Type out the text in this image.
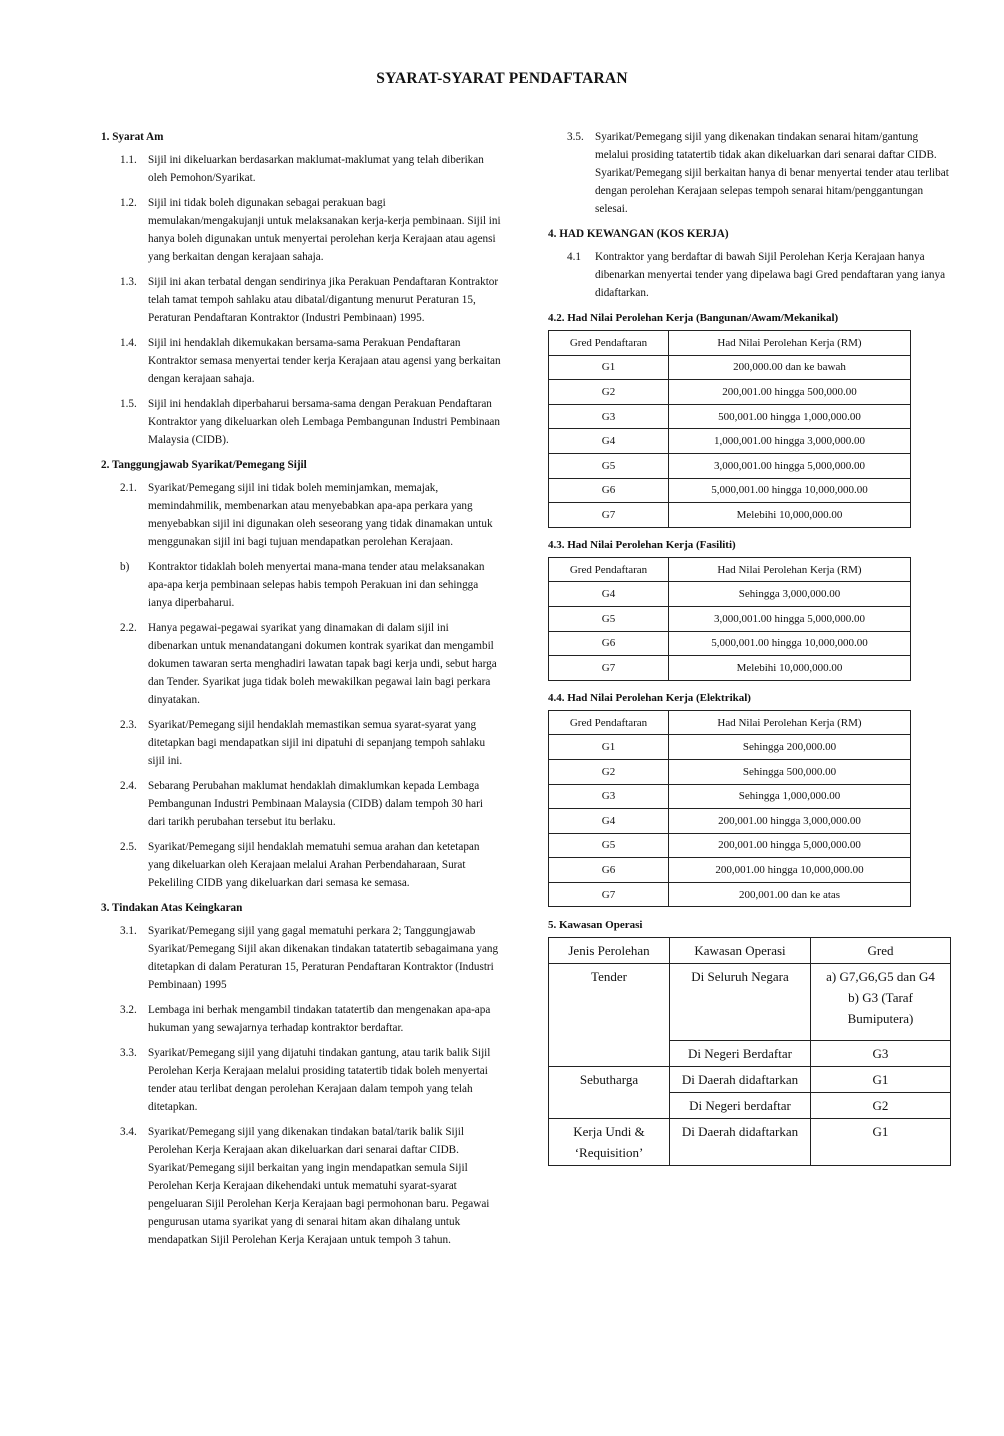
SYARAT-SYARAT PENDAFTARAN
1. Syarat Am
1.1.	Sijil ini dikeluarkan berdasarkan maklumat-maklumat yang telah diberikan oleh Pemohon/Syarikat.
1.2.	Sijil ini tidak boleh digunakan sebagai perakuan bagi memulakan/mengakujanji untuk melaksanakan kerja-kerja pembinaan. Sijil ini hanya boleh digunakan untuk menyertai perolehan kerja Kerajaan atau agensi yang berkaitan dengan kerajaan sahaja.
1.3.	Sijil ini akan terbatal dengan sendirinya jika Perakuan Pendaftaran Kontraktor telah tamat tempoh sahlaku atau dibatal/digantung menurut Peraturan 15, Peraturan Pendaftaran Kontraktor (Industri Pembinaan) 1995.
1.4.	Sijil ini hendaklah dikemukakan bersama-sama Perakuan Pendaftaran Kontraktor semasa menyertai tender kerja Kerajaan atau agensi yang berkaitan dengan kerajaan sahaja.
1.5.	Sijil ini hendaklah diperbaharui bersama-sama dengan Perakuan Pendaftaran Kontraktor yang dikeluarkan oleh Lembaga Pembangunan Industri Pembinaan Malaysia (CIDB).
2. Tanggungjawab Syarikat/Pemegang Sijil
2.1.	Syarikat/Pemegang sijil ini tidak boleh meminjamkan, memajak, memindahmilik, membenarkan atau menyebabkan apa-apa perkara yang menyebabkan sijil ini digunakan oleh seseorang yang tidak dinamakan untuk menggunakan sijil ini bagi tujuan mendapatkan perolehan Kerajaan.
b)	Kontraktor tidaklah boleh menyertai mana-mana tender atau melaksanakan apa-apa kerja pembinaan selepas habis tempoh Perakuan ini dan sehingga ianya diperbaharui.
2.2.	Hanya pegawai-pegawai syarikat yang dinamakan di dalam sijil ini dibenarkan untuk menandatangani dokumen kontrak syarikat dan mengambil dokumen tawaran serta menghadiri lawatan tapak bagi kerja undi, sebut harga dan Tender. Syarikat juga tidak boleh mewakilkan pegawai lain bagi perkara dinyatakan.
2.3.	Syarikat/Pemegang sijil hendaklah memastikan semua syarat-syarat yang ditetapkan bagi mendapatkan sijil ini dipatuhi di sepanjang tempoh sahlaku sijil ini.
2.4.	Sebarang Perubahan maklumat hendaklah dimaklumkan kepada Lembaga Pembangunan Industri Pembinaan Malaysia (CIDB) dalam tempoh 30 hari dari tarikh perubahan tersebut itu berlaku.
2.5.	Syarikat/Pemegang sijil hendaklah mematuhi semua arahan dan ketetapan yang dikeluarkan oleh Kerajaan melalui Arahan Perbendaharaan, Surat Pekeliling CIDB yang dikeluarkan dari semasa ke semasa.
3. Tindakan Atas Keingkaran
3.1.	Syarikat/Pemegang sijil yang gagal mematuhi perkara 2; Tanggungjawab Syarikat/Pemegang Sijil akan dikenakan tindakan tatatertib sebagaimana yang ditetapkan di dalam Peraturan 15, Peraturan Pendaftaran Kontraktor (Industri Pembinaan) 1995
3.2.	Lembaga ini berhak mengambil tindakan tatatertib dan mengenakan apa-apa hukuman yang sewajarnya terhadap kontraktor berdaftar.
3.3.	Syarikat/Pemegang sijil yang dijatuhi tindakan gantung, atau tarik balik Sijil Perolehan Kerja Kerajaan melalui prosiding tatatertib tidak boleh menyertai tender atau terlibat dengan perolehan Kerajaan dalam tempoh yang telah ditetapkan.
3.4.	Syarikat/Pemegang sijil yang dikenakan tindakan batal/tarik balik Sijil Perolehan Kerja Kerajaan akan dikeluarkan dari senarai daftar CIDB. Syarikat/Pemegang sijil berkaitan yang ingin mendapatkan semula Sijil Perolehan Kerja Kerajaan dikehendaki untuk mematuhi syarat-syarat pengeluaran Sijil Perolehan Kerja Kerajaan bagi permohonan baru. Pegawai pengurusan utama syarikat yang di senarai hitam akan dihalang untuk mendapatkan Sijil Perolehan Kerja Kerajaan untuk tempoh 3 tahun.
3.5.	Syarikat/Pemegang sijil yang dikenakan tindakan senarai hitam/gantung melalui prosiding tatatertib tidak akan dikeluarkan dari senarai daftar CIDB. Syarikat/Pemegang sijil berkaitan hanya di benar menyertai tender atau terlibat dengan perolehan Kerajaan selepas tempoh senarai hitam/penggantungan selesai.
4. HAD KEWANGAN (KOS KERJA)
4.1	Kontraktor yang berdaftar di bawah Sijil Perolehan Kerja Kerajaan hanya dibenarkan menyertai tender yang dipelawa bagi Gred pendaftaran yang ianya didaftarkan.
4.2. Had Nilai Perolehan Kerja (Bangunan/Awam/Mekanikal)
Gred Pendaftaran	Had Nilai Perolehan Kerja (RM)
G1	200,000.00 dan ke bawah
G2	200,001.00 hingga 500,000.00
G3	500,001.00 hingga 1,000,000.00
G4	1,000,001.00 hingga 3,000,000.00
G5	3,000,001.00 hingga 5,000,000.00
G6	5,000,001.00 hingga 10,000,000.00
G7	Melebihi 10,000,000.00
4.3. Had Nilai Perolehan Kerja (Fasiliti)
Gred Pendaftaran	Had Nilai Perolehan Kerja (RM)
G4	Sehingga 3,000,000.00
G5	3,000,001.00 hingga 5,000,000.00
G6	5,000,001.00 hingga 10,000,000.00
G7	Melebihi 10,000,000.00
4.4. Had Nilai Perolehan Kerja (Elektrikal)
Gred Pendaftaran	Had Nilai Perolehan Kerja (RM)
G1	Sehingga 200,000.00
G2	Sehingga 500,000.00
G3	Sehingga 1,000,000.00
G4	200,001.00 hingga 3,000,000.00
G5	200,001.00 hingga 5,000,000.00
G6	200,001.00 hingga 10,000,000.00
G7	200,001.00 dan ke atas
5. Kawasan Operasi
Jenis Perolehan	Kawasan Operasi	Gred
Tender	Di Seluruh Negara	a) G7,G6,G5 dan G4
b) G3 (Taraf Bumiputera)

	Di Negeri Berdaftar	G3
Sebutharga	Di Daerah didaftarkan	G1
	Di Negeri berdaftar	G2
Kerja Undi & ‘Requisition’	Di Daerah didaftarkan	G1
